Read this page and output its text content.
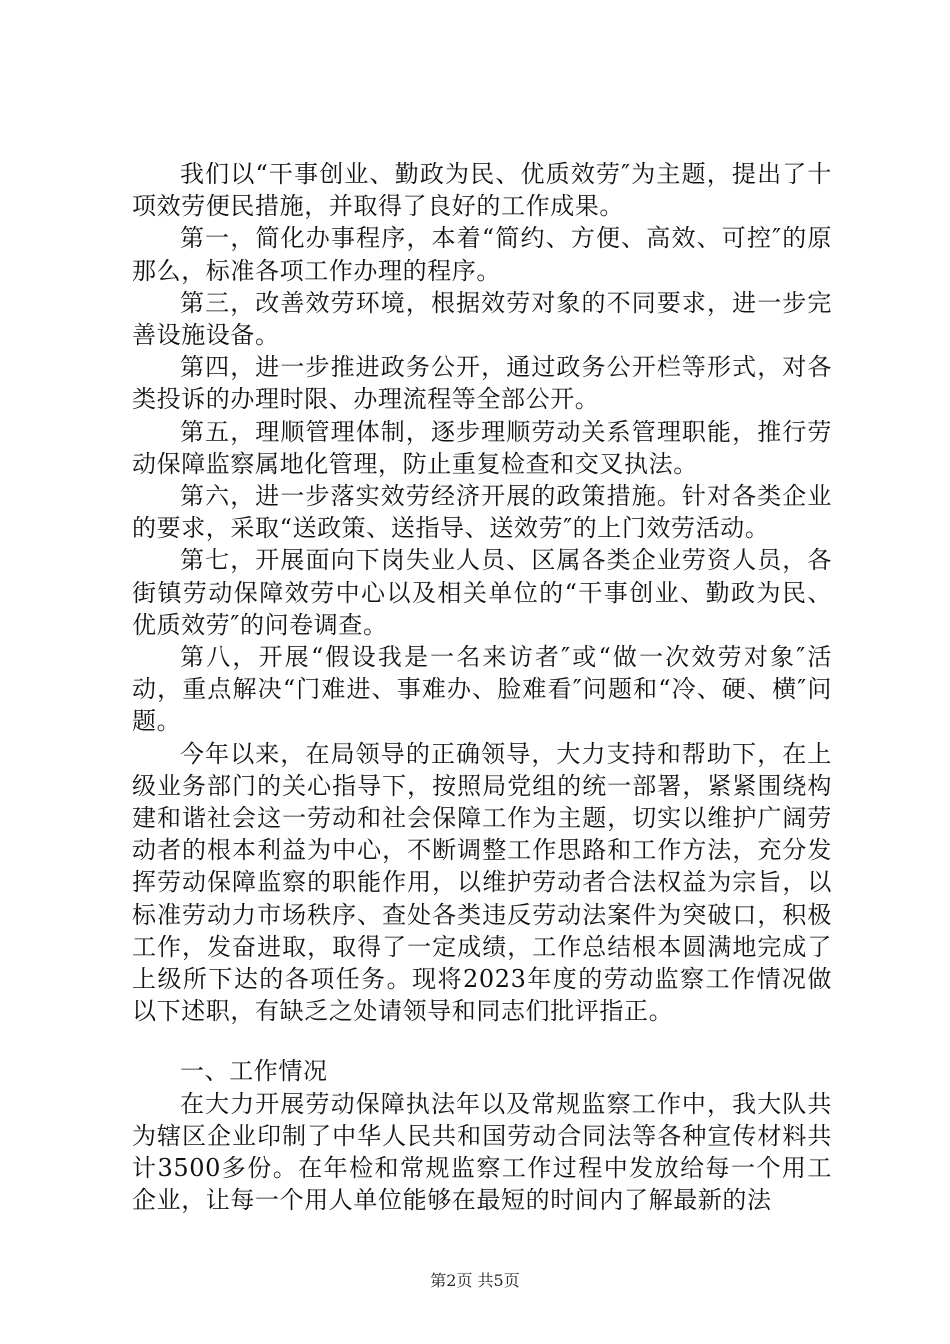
我们以“干事创业、勤政为民、优质效劳″为主题，提出了十项效劳便民措施，并取得了良好的工作成果。

第一，简化办事程序，本着“简约、方便、高效、可控″的原那么，标准各项工作办理的程序。

第三，改善效劳环境，根据效劳对象的不同要求，进一步完善设施设备。

第四，进一步推进政务公开，通过政务公开栏等形式，对各类投诉的办理时限、办理流程等全部公开。

第五，理顺管理体制，逐步理顺劳动关系管理职能，推行劳动保障监察属地化管理，防止重复检查和交叉执法。

第六，进一步落实效劳经济开展的政策措施。针对各类企业的要求，采取“送政策、送指导、送效劳″的上门效劳活动。

第七，开展面向下岗失业人员、区属各类企业劳资人员，各街镇劳动保障效劳中心以及相关单位的“干事创业、勤政为民、优质效劳″的问卷调查。

第八，开展“假设我是一名来访者″或“做一次效劳对象″活动，重点解决“门难进、事难办、脸难看″问题和“冷、硬、横″问题。

今年以来，在局领导的正确领导，大力支持和帮助下，在上级业务部门的关心指导下，按照局党组的统一部署，紧紧围绕构建和谐社会这一劳动和社会保障工作为主题，切实以维护广阔劳动者的根本利益为中心，不断调整工作思路和工作方法，充分发挥劳动保障监察的职能作用，以维护劳动者合法权益为宗旨，以标准劳动力市场秩序、查处各类违反劳动法案件为突破口，积极工作，发奋进取，取得了一定成绩，工作总结根本圆满地完成了上级所下达的各项任务。现将2023年度的劳动监察工作情况做以下述职，有缺乏之处请领导和同志们批评指正。

一、工作情况

在大力开展劳动保障执法年以及常规监察工作中，我大队共为辖区企业印制了中华人民共和国劳动合同法等各种宣传材料共计3500多份。在年检和常规监察工作过程中发放给每一个用工企业，让每一个用人单位能够在最短的时间内了解最新的法

第2页 共5页
